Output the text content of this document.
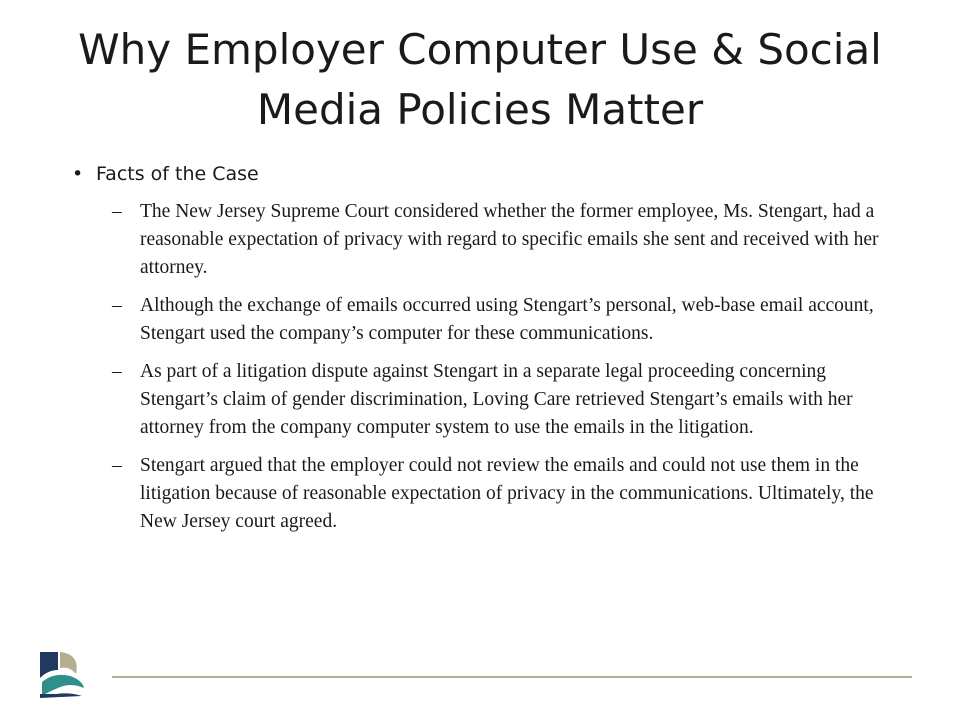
Why Employer Computer Use & Social Media Policies Matter
• Facts of the Case
– The New Jersey Supreme Court considered whether the former employee, Ms. Stengart, had a reasonable expectation of privacy with regard to specific emails she sent and received with her attorney.
– Although the exchange of emails occurred using Stengart’s personal, web-base email account, Stengart used the company’s computer for these communications.
– As part of a litigation dispute against Stengart in a separate legal proceeding concerning Stengart’s claim of gender discrimination, Loving Care retrieved Stengart’s emails with her attorney from the company computer system to use the emails in the litigation.
– Stengart argued that the employer could not review the emails and could not use them in the litigation because of reasonable expectation of privacy in the communications. Ultimately, the New Jersey court agreed.
